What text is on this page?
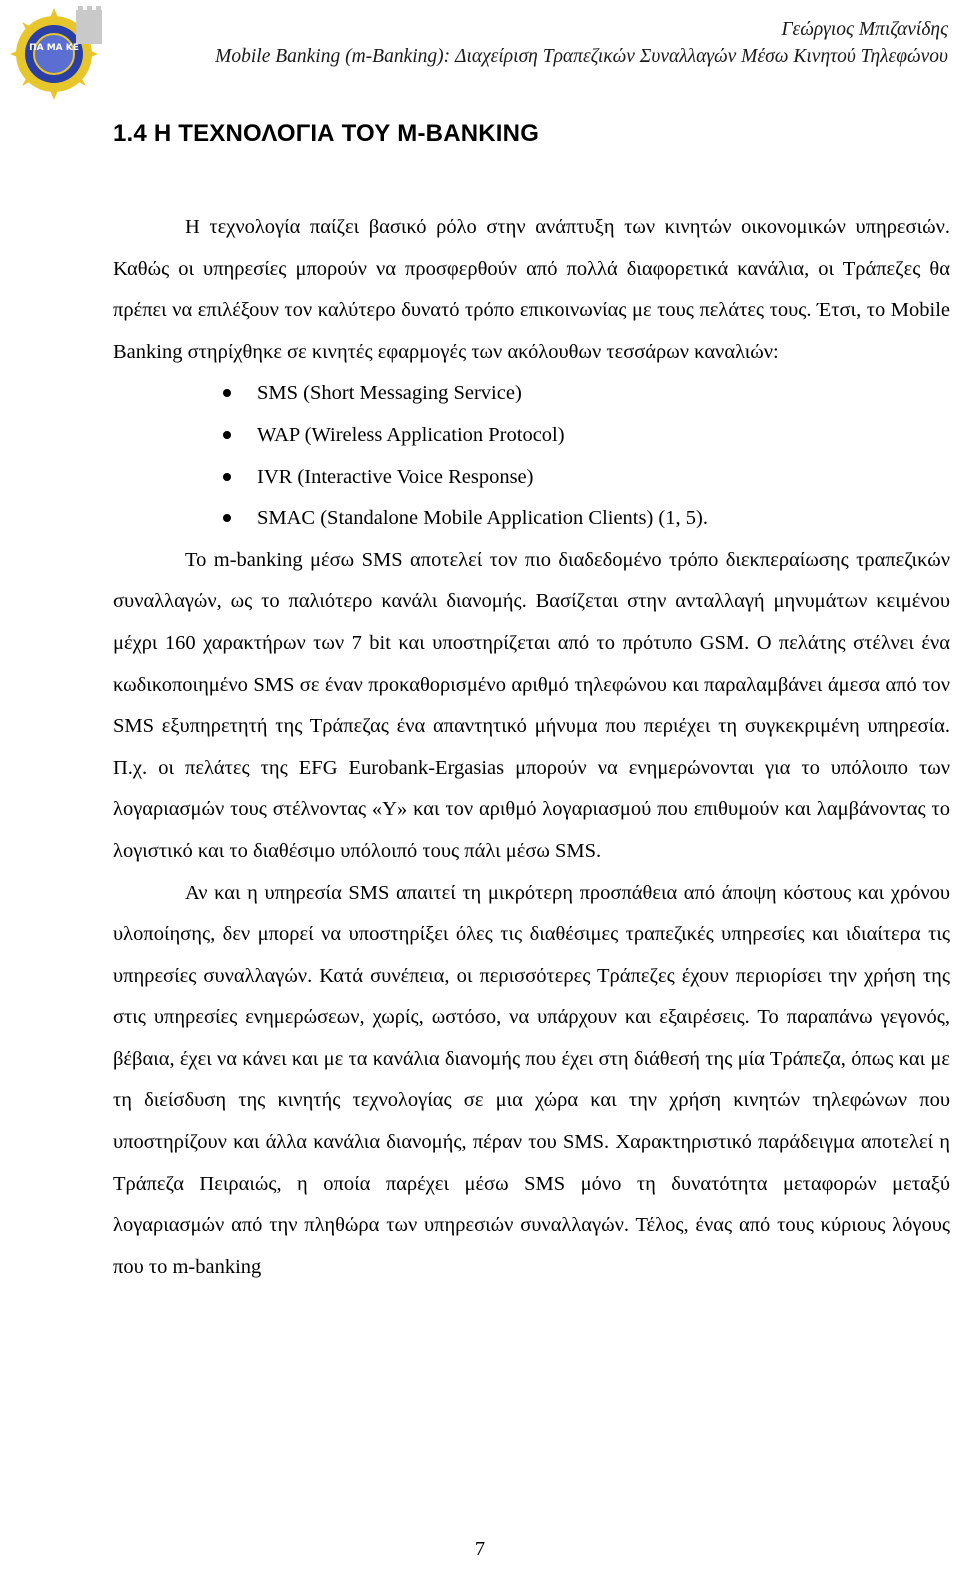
ΠΑ ΜΑ ΚΕ
Γεώργιος Μπιζανίδης
Mobile Banking (m-Banking): Διαχείριση Τραπεζικών Συναλλαγών Μέσω Κινητού Τηλεφώνου
1.4 Η ΤΕΧΝΟΛΟΓΙΑ ΤΟΥ M-BANKING

Η τεχνολογία παίζει βασικό ρόλο στην ανάπτυξη των κινητών οικονομικών υπηρεσιών. Καθώς οι υπηρεσίες μπορούν να προσφερθούν από πολλά διαφορετικά κανάλια, οι Τράπεζες θα πρέπει να επιλέξουν τον καλύτερο δυνατό τρόπο επικοινωνίας με τους πελάτες τους. Έτσι, το Mobile Banking στηρίχθηκε σε κινητές εφαρμογές των ακόλουθων τεσσάρων καναλιών:

SMS (Short Messaging Service)
WAP (Wireless Application Protocol)
IVR (Interactive Voice Response)
SMAC (Standalone Mobile Application Clients) (1, 5).

Το m-banking μέσω SMS αποτελεί τον πιο διαδεδομένο τρόπο διεκπεραίωσης τραπεζικών συναλλαγών, ως το παλιότερο κανάλι διανομής. Βασίζεται στην ανταλλαγή μηνυμάτων κειμένου μέχρι 160 χαρακτήρων των 7 bit και υποστηρίζεται από το πρότυπο GSM. Ο πελάτης στέλνει ένα κωδικοποιημένο SMS σε έναν προκαθορισμένο αριθμό τηλεφώνου και παραλαμβάνει άμεσα από τον SMS εξυπηρετητή της Τράπεζας ένα απαντητικό μήνυμα που περιέχει τη συγκεκριμένη υπηρεσία. Π.χ. οι πελάτες της EFG Eurobank-Ergasias μπορούν να ενημερώνονται για το υπόλοιπο των λογαριασμών τους στέλνοντας «Y» και τον αριθμό λογαριασμού που επιθυμούν και λαμβάνοντας το λογιστικό και το διαθέσιμο υπόλοιπό τους πάλι μέσω SMS.

Αν και η υπηρεσία SMS απαιτεί τη μικρότερη προσπάθεια από άποψη κόστους και χρόνου υλοποίησης, δεν μπορεί να υποστηρίξει όλες τις διαθέσιμες τραπεζικές υπηρεσίες και ιδιαίτερα τις υπηρεσίες συναλλαγών. Κατά συνέπεια, οι περισσότερες Τράπεζες έχουν περιορίσει την χρήση της στις υπηρεσίες ενημερώσεων, χωρίς, ωστόσο, να υπάρχουν και εξαιρέσεις. Το παραπάνω γεγονός, βέβαια, έχει να κάνει και με τα κανάλια διανομής που έχει στη διάθεσή της μία Τράπεζα, όπως και με τη διείσδυση της κινητής τεχνολογίας σε μια χώρα και την χρήση κινητών τηλεφώνων που υποστηρίζουν και άλλα κανάλια διανομής, πέραν του SMS. Χαρακτηριστικό παράδειγμα αποτελεί η Τράπεζα Πειραιώς, η οποία παρέχει μέσω SMS μόνο τη δυνατότητα μεταφορών μεταξύ λογαριασμών από την πληθώρα των υπηρεσιών συναλλαγών. Τέλος, ένας από τους κύριους λόγους που το m-banking

7
